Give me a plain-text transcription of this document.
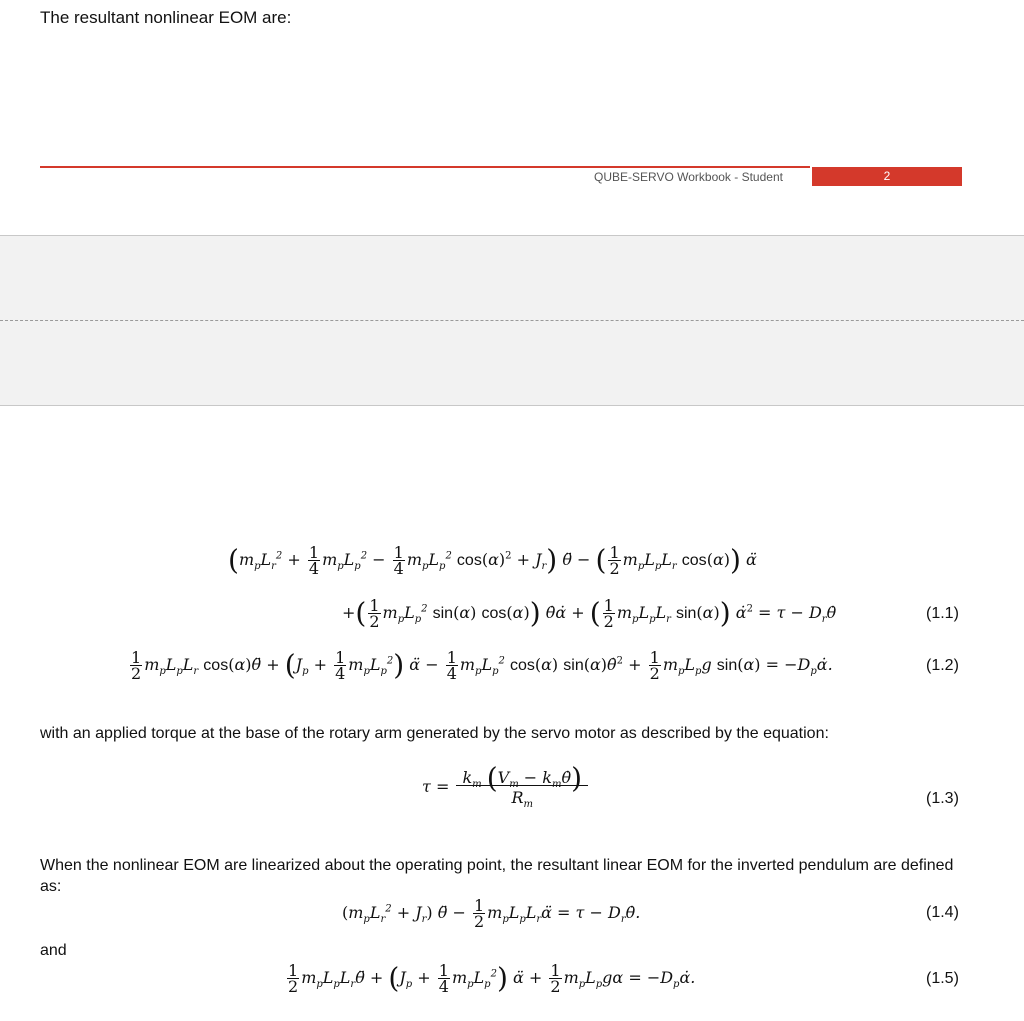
The resultant nonlinear EOM are:
QUBE-SERVO Workbook - Student	2
($m_pL_r^2 + \frac{1}{4} m_pL_p^2 - \frac{1}{4} m_pL_p^2$ $\cos(\alpha)^2 + J_r$) θ̈ − ( $\frac{1}{2} m_pL_pL_r$ cos(α)) α̈
+( $\frac{1}{2} m_pL_p^2$ sin(α) cos(α)) θ̇α̇ + ( $\frac{1}{2} m_pL_pL_r$ sin(α)) α̇$^2$ = $\tau - D_r\thetȧ$	(1.1)
$\frac{1}{2} m_pL_pL_r$ cos(α)θ̈ + $(J_p + \frac{1}{4} m_pL_p^2)$ α̈ − $\frac{1}{4} m_pL_p^2$ cos(α) sin(α)θ̇$^2$ + $\frac{1}{2} m_pL_pg$ $\sin(\alpha) = -D_p\alphȧ$.	(1.2)
with an applied torque at the base of the rotary arm generated by the servo motor as described by the equation:
$\tau = \frac{k_m (V_m - k_m\thetȧ)}{R_m}$	(1.3)
When the nonlinear EOM are linearized about the operating point, the resultant linear EOM for the inverted pendulum are defined as:
$(m_pL_r^2 + J_r)$ θ̈ − $\frac{1}{2}$ $m_pL_pL_r\alphä = \tau$ − $D_r\thetȧ$.	(1.4)
and
$\frac{1}{2}$ $m_pL_pL_r\thetä + (J_p + \frac{1}{4} m_pL_p^2)$ α̈ + $\frac{1}{2} m_pL_pg\alpha$ = $-D_p\alphȧ$.	(1.5)
